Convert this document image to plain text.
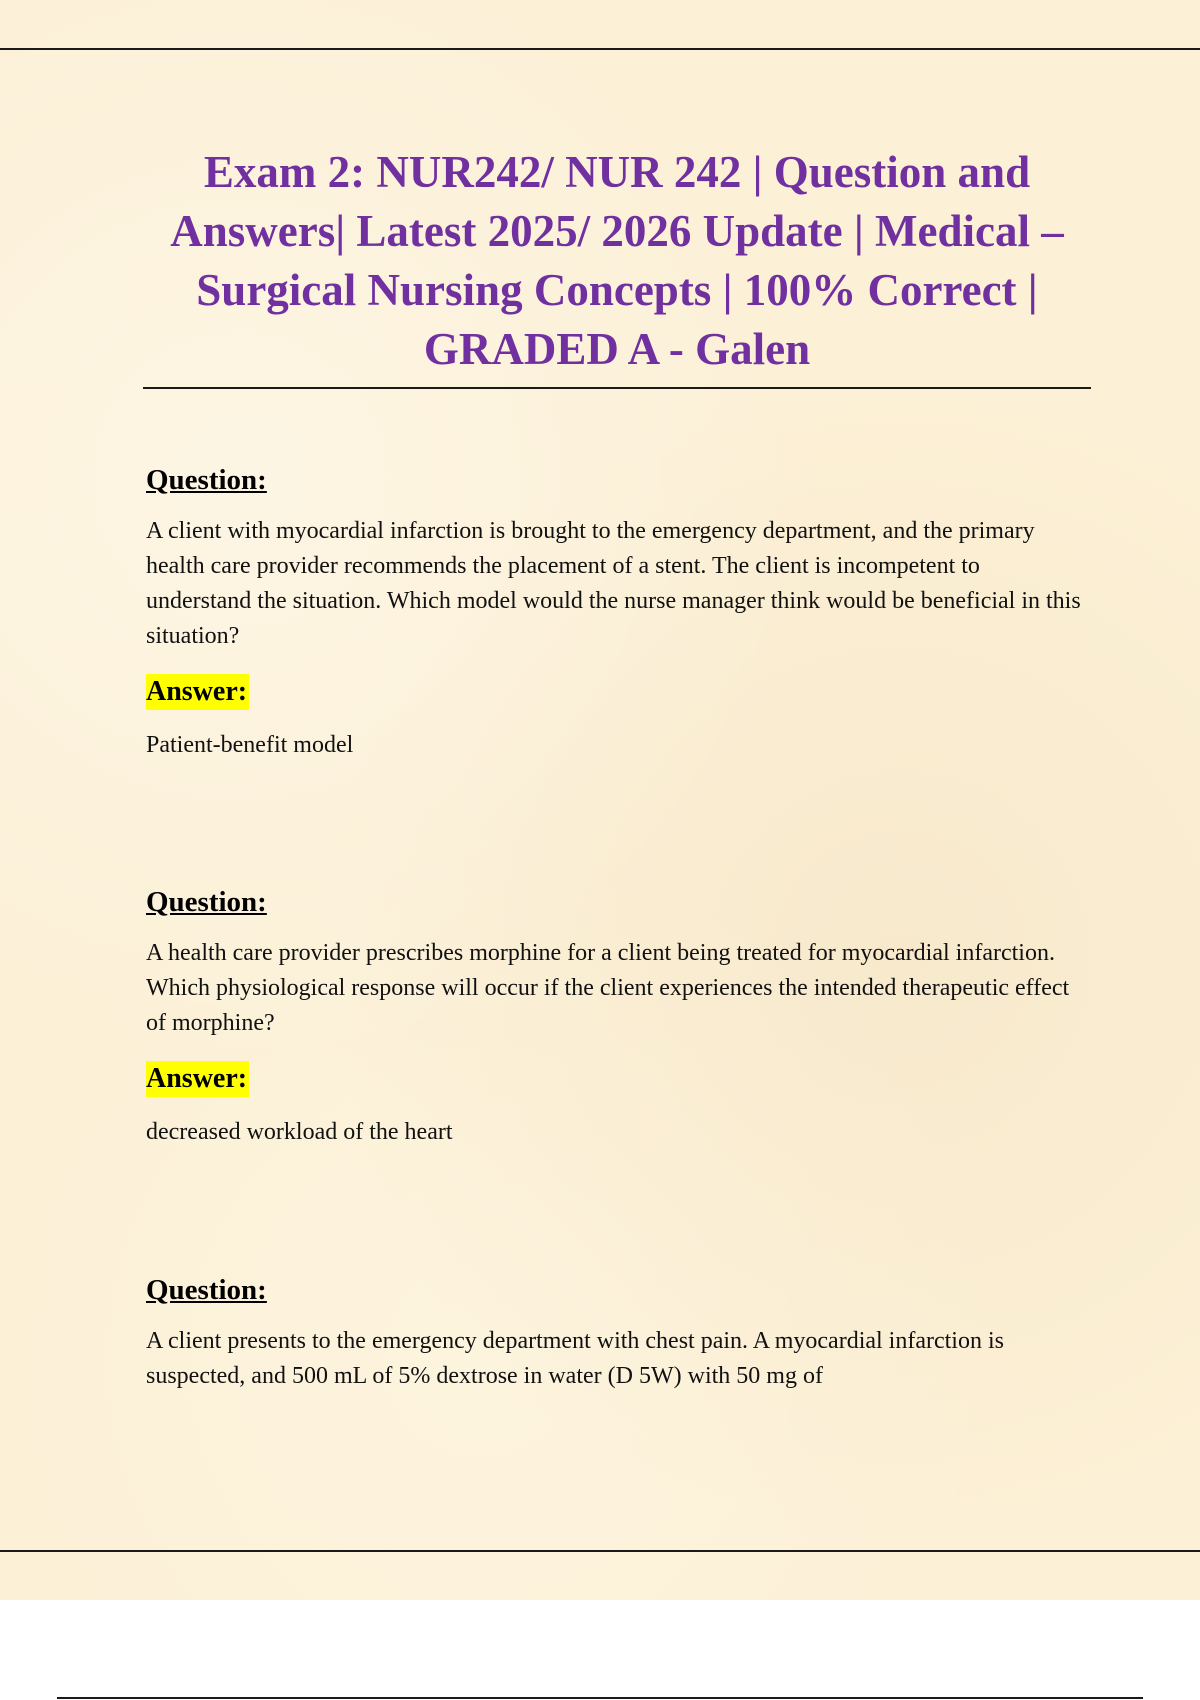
Exam 2: NUR242/ NUR 242 | Question and Answers| Latest 2025/ 2026 Update | Medical – Surgical Nursing Concepts | 100% Correct | GRADED A - Galen
Question:
A client with myocardial infarction is brought to the emergency department, and the primary health care provider recommends the placement of a stent. The client is incompetent to understand the situation. Which model would the nurse manager think would be beneficial in this situation?
Answer:
Patient-benefit model
Question:
A health care provider prescribes morphine for a client being treated for myocardial infarction. Which physiological response will occur if the client experiences the intended therapeutic effect of morphine?
Answer:
decreased workload of the heart
Question:
A client presents to the emergency department with chest pain. A myocardial infarction is suspected, and 500 mL of 5% dextrose in water (D 5W) with 50 mg of
